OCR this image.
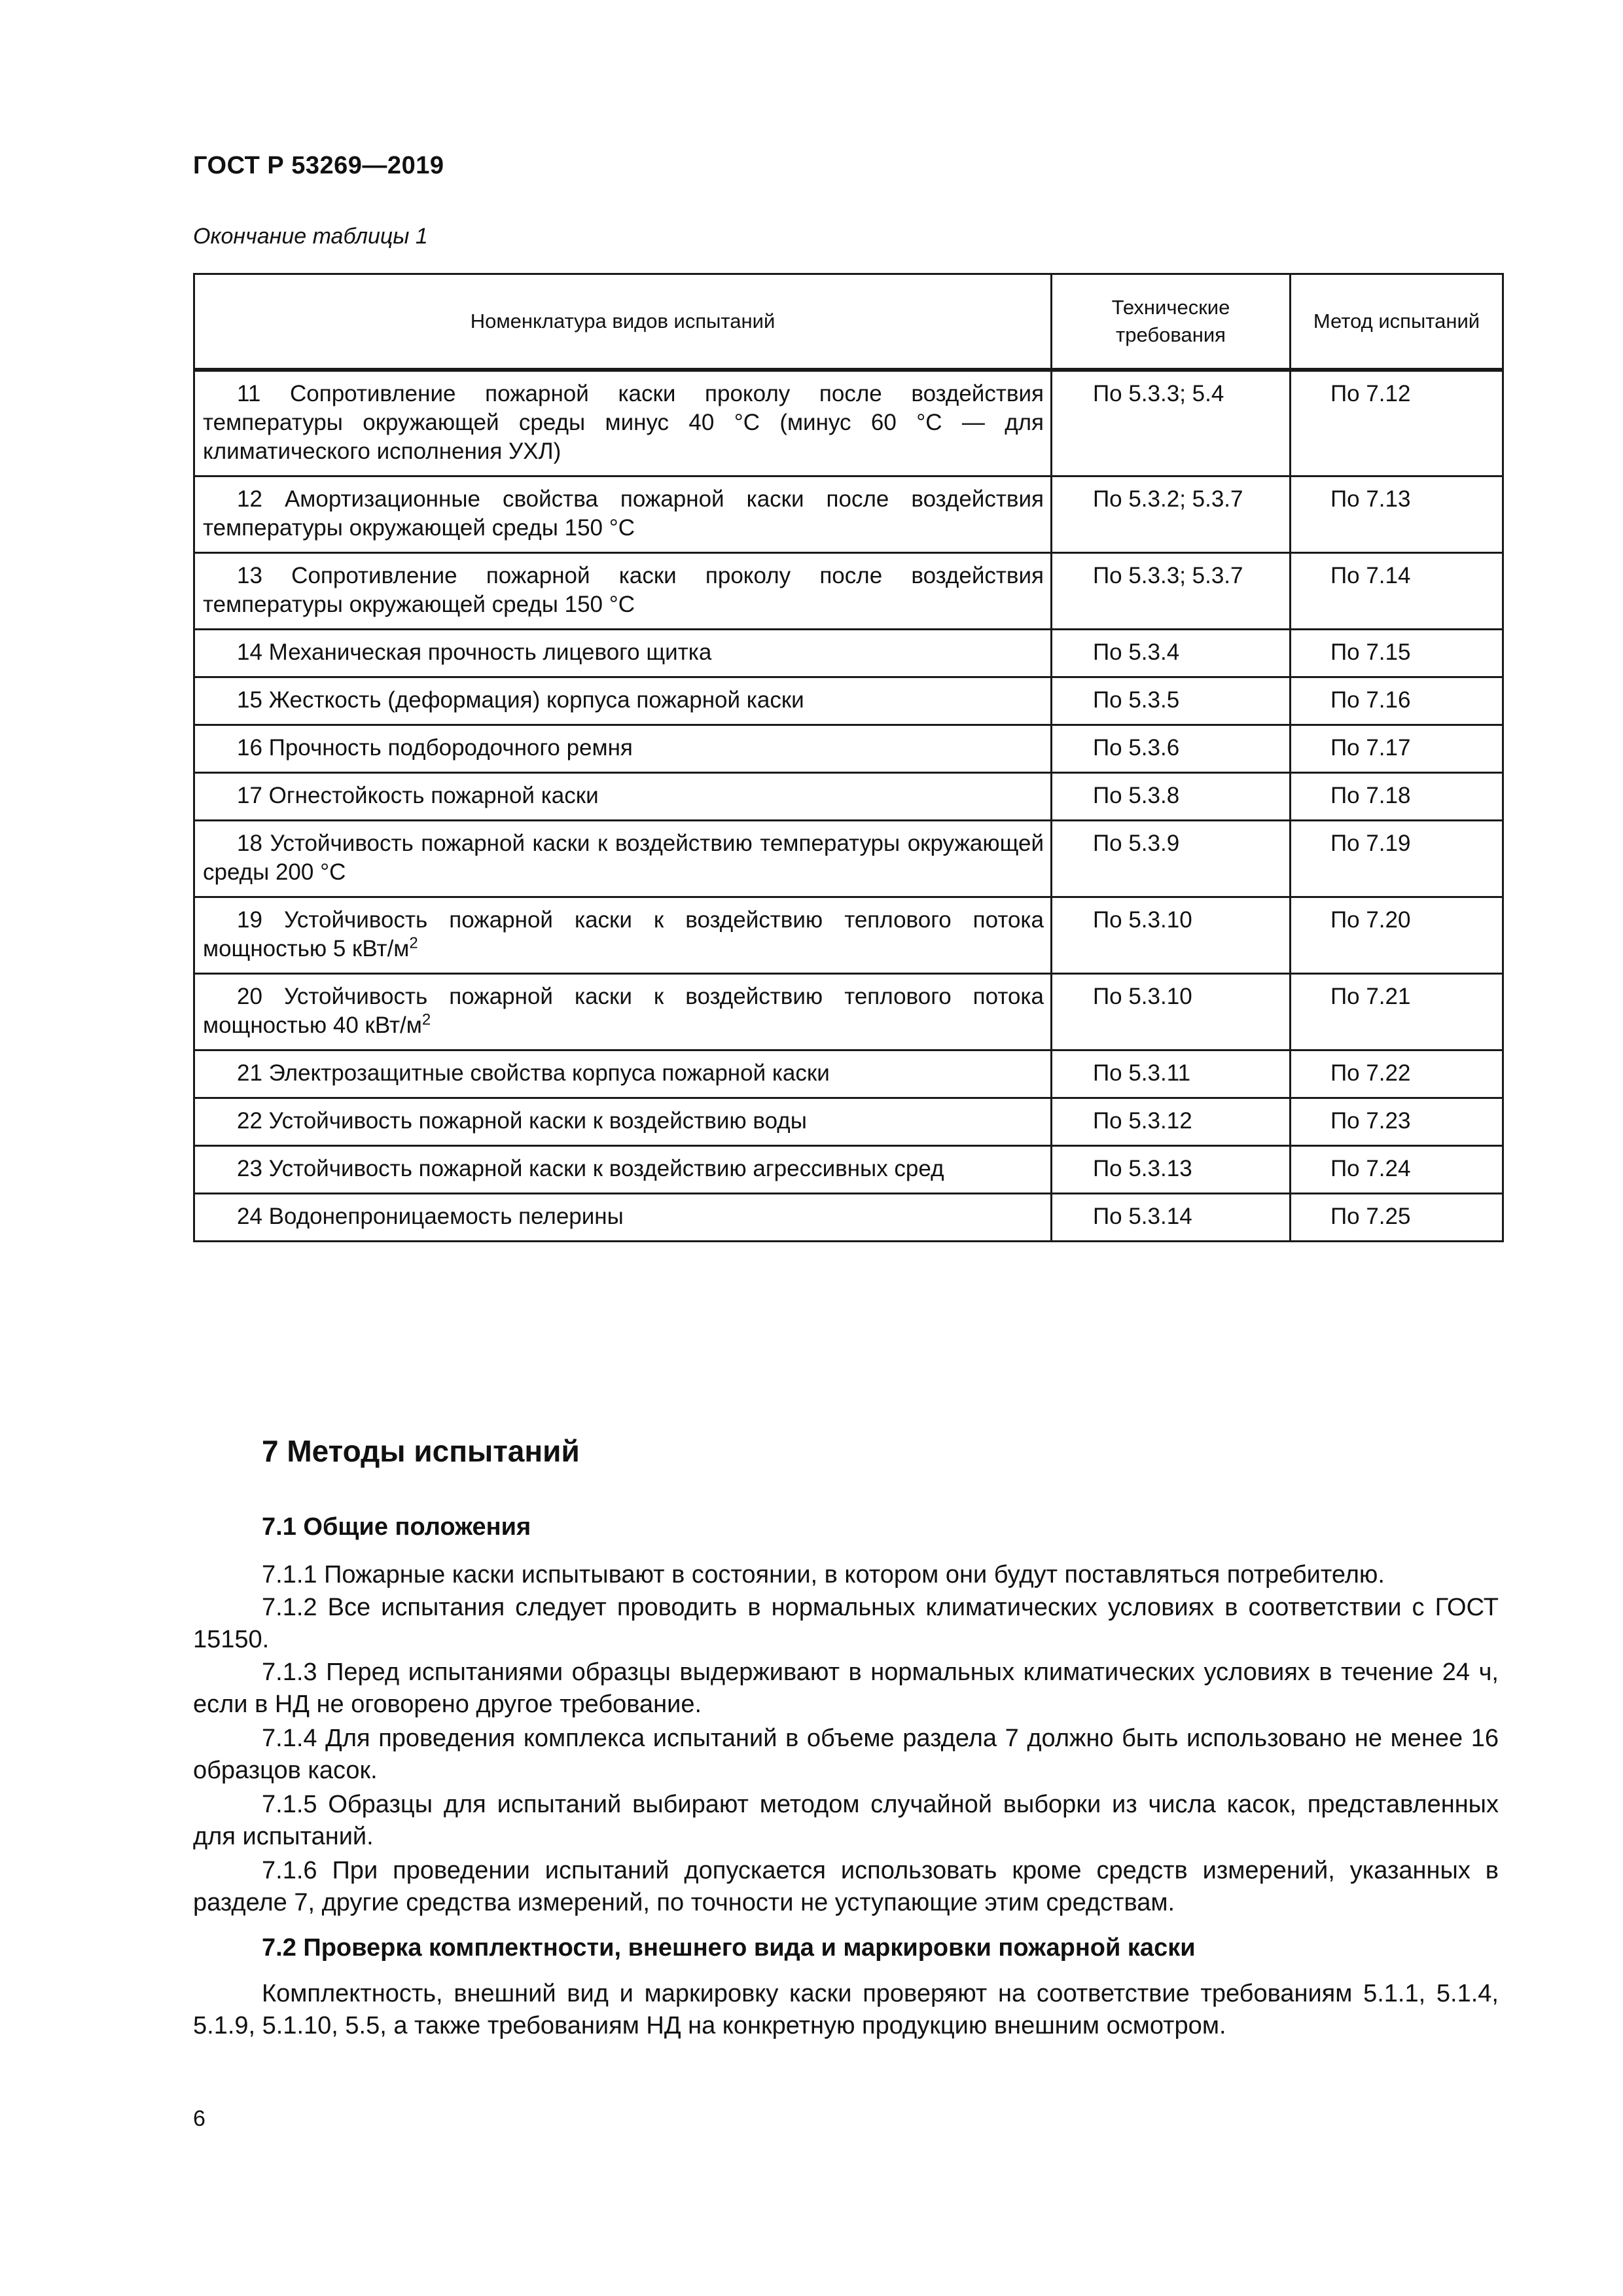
ГОСТ Р 53269—2019
Окончание таблицы 1
Номенклатура видов испытаний	Технические требования	Метод испытаний
11 Сопротивление пожарной каски проколу после воздействия температуры окружающей среды минус 40 °С (минус 60 °С — для климатического исполнения УХЛ)	По 5.3.3; 5.4	По 7.12
12 Амортизационные свойства пожарной каски после воздействия температуры окружающей среды 150 °С	По 5.3.2; 5.3.7	По 7.13
13 Сопротивление пожарной каски проколу после воздействия температуры окружающей среды 150 °С	По 5.3.3; 5.3.7	По 7.14
14 Механическая прочность лицевого щитка	По 5.3.4	По 7.15
15 Жесткость (деформация) корпуса пожарной каски	По 5.3.5	По 7.16
16 Прочность подбородочного ремня	По 5.3.6	По 7.17
17 Огнестойкость пожарной каски	По 5.3.8	По 7.18
18 Устойчивость пожарной каски к воздействию температуры окружающей среды 200 °С	По 5.3.9	По 7.19
19 Устойчивость пожарной каски к воздействию теплового потока мощностью 5 кВт/$м^2$	По 5.3.10	По 7.20
20 Устойчивость пожарной каски к воздействию теплового потока мощностью 40 кВт/$м^2$	По 5.3.10	По 7.21
21 Электрозащитные свойства корпуса пожарной каски	По 5.3.11	По 7.22
22 Устойчивость пожарной каски к воздействию воды	По 5.3.12	По 7.23
23 Устойчивость пожарной каски к воздействию агрессивных сред	По 5.3.13	По 7.24
24 Водонепроницаемость пелерины	По 5.3.14	По 7.25
7 Методы испытаний
7.1 Общие положения

7.1.1 Пожарные каски испытывают в состоянии, в котором они будут поставляться потребителю.

7.1.2 Все испытания следует проводить в нормальных климатических условиях в соответствии с ГОСТ 15150.

7.1.3 Перед испытаниями образцы выдерживают в нормальных климатических условиях в течение 24 ч, если в НД не оговорено другое требование.

7.1.4 Для проведения комплекса испытаний в объеме раздела 7 должно быть использовано не менее 16 образцов касок.

7.1.5 Образцы для испытаний выбирают методом случайной выборки из числа касок, представленных для испытаний.

7.1.6 При проведении испытаний допускается использовать кроме средств измерений, указанных в разделе 7, другие средства измерений, по точности не уступающие этим средствам.

7.2 Проверка комплектности, внешнего вида и маркировки пожарной каски

Комплектность, внешний вид и маркировку каски проверяют на соответствие требованиям 5.1.1, 5.1.4, 5.1.9, 5.1.10, 5.5, а также требованиям НД на конкретную продукцию внешним осмотром.

6
